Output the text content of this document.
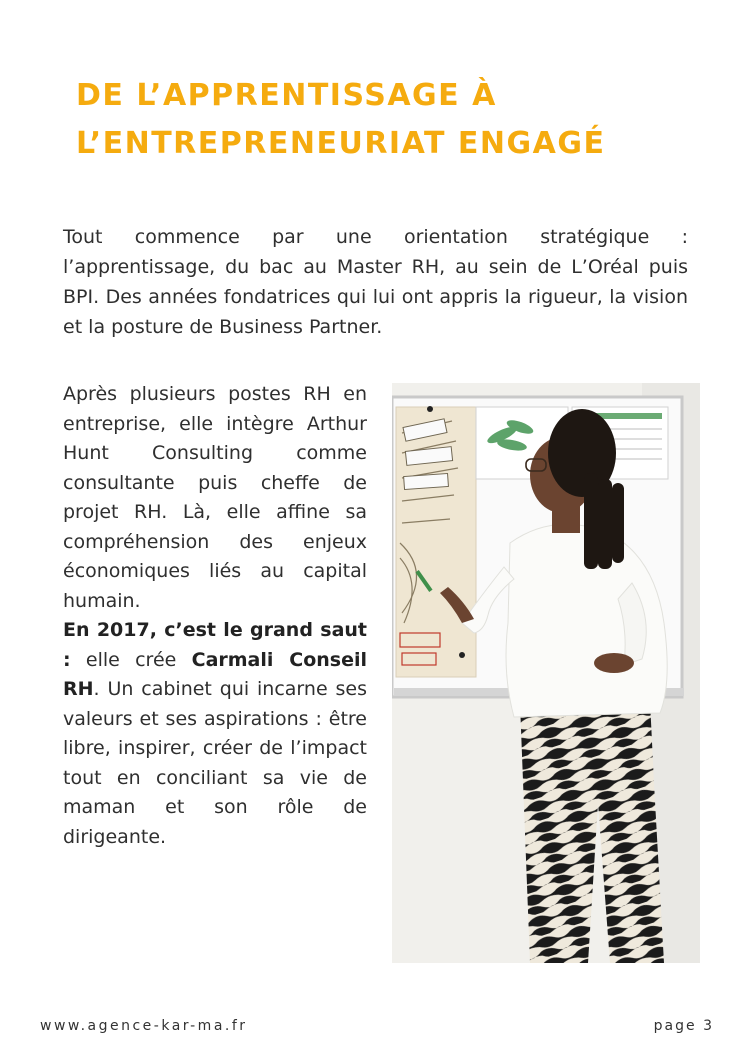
DE L’APPRENTISSAGE À
L’ENTREPRENEURIAT ENGAGÉ

Tout commence par une orientation stratégique : l’apprentissage, du bac au Master RH, au sein de L’Oréal puis BPI. Des années fondatrices qui lui ont appris la rigueur, la vision et la posture de Business Partner.

Après plusieurs postes RH en entreprise, elle intègre Arthur Hunt Consulting comme consultante puis cheffe de projet RH. Là, elle affine sa compréhension des enjeux économiques liés au capital humain.

En 2017, c’est le grand saut : elle crée Carmali Conseil RH. Un cabinet qui incarne ses valeurs et ses aspirations : être libre, inspirer, créer de l’impact tout en conciliant sa vie de maman et son rôle de dirigeante.

www.agence-kar-ma.fr	page 3
